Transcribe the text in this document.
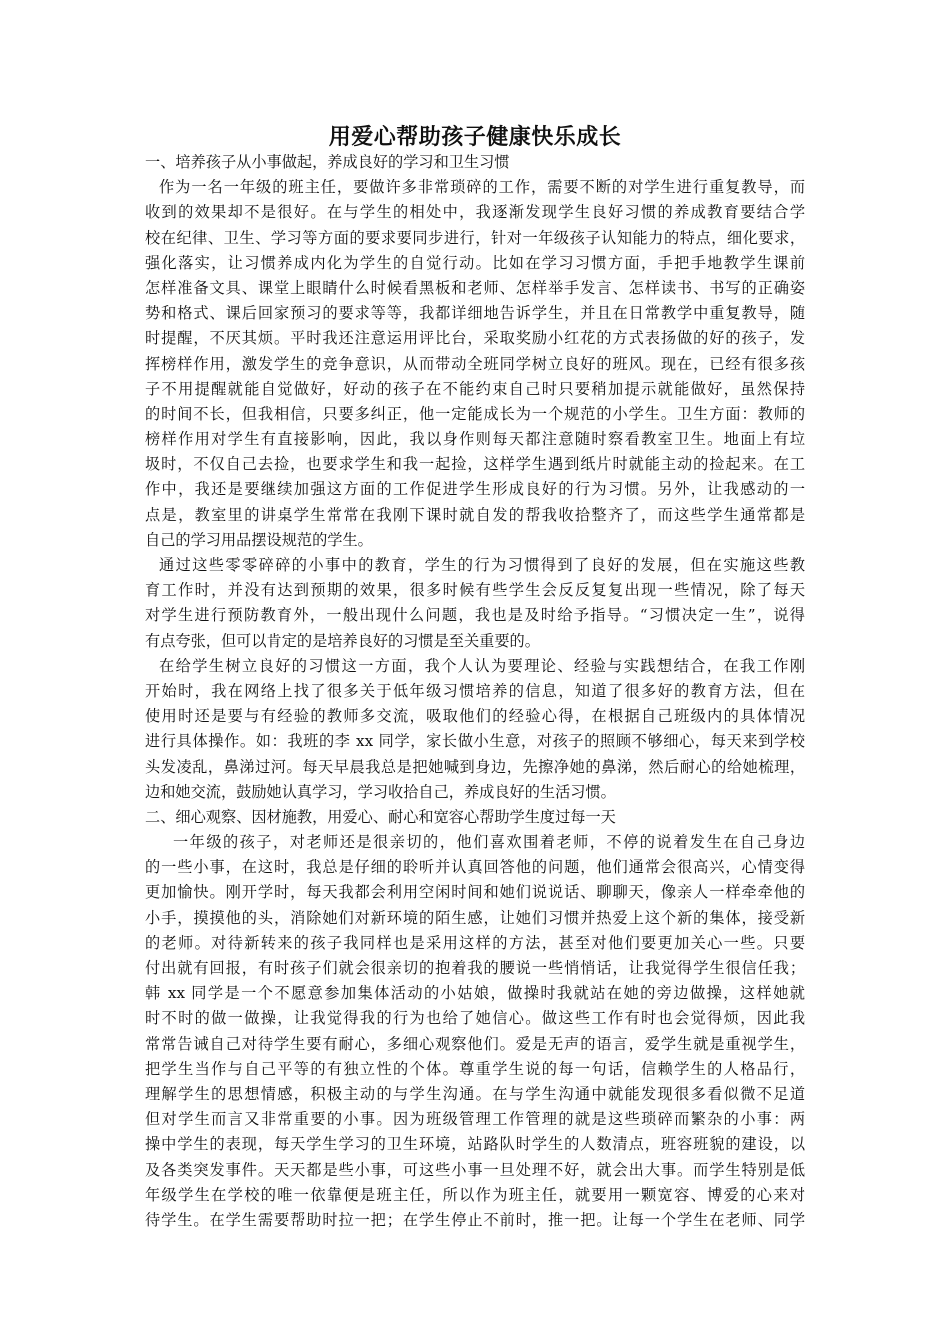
用爱心帮助孩子健康快乐成长
一、培养孩子从小事做起，养成良好的学习和卫生习惯
作为一名一年级的班主任，要做许多非常琐碎的工作，需要不断的对学生进行重复教导，而
收到的效果却不是很好。在与学生的相处中，我逐渐发现学生良好习惯的养成教育要结合学
校在纪律、卫生、学习等方面的要求要同步进行，针对一年级孩子认知能力的特点，细化要求，
强化落实，让习惯养成内化为学生的自觉行动。比如在学习习惯方面，手把手地教学生课前
怎样准备文具、课堂上眼睛什么时候看黑板和老师、怎样举手发言、怎样读书、书写的正确姿
势和格式、课后回家预习的要求等等，我都详细地告诉学生，并且在日常教学中重复教导，随
时提醒，不厌其烦。平时我还注意运用评比台，采取奖励小红花的方式表扬做的好的孩子，发
挥榜样作用，激发学生的竞争意识，从而带动全班同学树立良好的班风。现在，已经有很多孩
子不用提醒就能自觉做好，好动的孩子在不能约束自己时只要稍加提示就能做好，虽然保持
的时间不长，但我相信，只要多纠正，他一定能成长为一个规范的小学生。卫生方面：教师的
榜样作用对学生有直接影响，因此，我以身作则每天都注意随时察看教室卫生。地面上有垃
圾时，不仅自己去捡，也要求学生和我一起捡，这样学生遇到纸片时就能主动的捡起来。在工
作中，我还是要继续加强这方面的工作促进学生形成良好的行为习惯。另外，让我感动的一
点是，教室里的讲桌学生常常在我刚下课时就自发的帮我收拾整齐了，而这些学生通常都是
自己的学习用品摆设规范的学生。
通过这些零零碎碎的小事中的教育，学生的行为习惯得到了良好的发展，但在实施这些教
育工作时，并没有达到预期的效果，很多时候有些学生会反反复复出现一些情况，除了每天
对学生进行预防教育外，一般出现什么问题，我也是及时给予指导。“习惯决定一生”，说得
有点夸张，但可以肯定的是培养良好的习惯是至关重要的。
在给学生树立良好的习惯这一方面，我个人认为要理论、经验与实践想结合，在我工作刚
开始时，我在网络上找了很多关于低年级习惯培养的信息，知道了很多好的教育方法，但在
使用时还是要与有经验的教师多交流，吸取他们的经验心得，在根据自己班级内的具体情况
进行具体操作。如：我班的李 xx 同学，家长做小生意，对孩子的照顾不够细心，每天来到学校
头发凌乱，鼻涕过河。每天早晨我总是把她喊到身边，先擦净她的鼻涕，然后耐心的给她梳理，
边和她交流，鼓励她认真学习，学习收拾自己，养成良好的生活习惯。
二、细心观察、因材施教，用爱心、耐心和宽容心帮助学生度过每一天
一年级的孩子，对老师还是很亲切的，他们喜欢围着老师，不停的说着发生在自己身边
的一些小事，在这时，我总是仔细的聆听并认真回答他的问题，他们通常会很高兴，心情变得
更加愉快。刚开学时，每天我都会利用空闲时间和她们说说话、聊聊天，像亲人一样牵牵他的
小手，摸摸他的头，消除她们对新环境的陌生感，让她们习惯并热爱上这个新的集体，接受新
的老师。对待新转来的孩子我同样也是采用这样的方法，甚至对他们要更加关心一些。只要
付出就有回报，有时孩子们就会很亲切的抱着我的腰说一些悄悄话，让我觉得学生很信任我；
韩 xx 同学是一个不愿意参加集体活动的小姑娘，做操时我就站在她的旁边做操，这样她就
时不时的做一做操，让我觉得我的行为也给了她信心。做这些工作有时也会觉得烦，因此我
常常告诫自己对待学生要有耐心，多细心观察他们。爱是无声的语言，爱学生就是重视学生，
把学生当作与自己平等的有独立性的个体。尊重学生说的每一句话，信赖学生的人格品行，
理解学生的思想情感，积极主动的与学生沟通。在与学生沟通中就能发现很多看似微不足道
但对学生而言又非常重要的小事。因为班级管理工作管理的就是这些琐碎而繁杂的小事：两
操中学生的表现，每天学生学习的卫生环境，站路队时学生的人数清点，班容班貌的建设，以
及各类突发事件。天天都是些小事，可这些小事一旦处理不好，就会出大事。而学生特别是低
年级学生在学校的唯一依靠便是班主任，所以作为班主任，就要用一颗宽容、博爱的心来对
待学生。在学生需要帮助时拉一把；在学生停止不前时，推一把。让每一个学生在老师、同学
